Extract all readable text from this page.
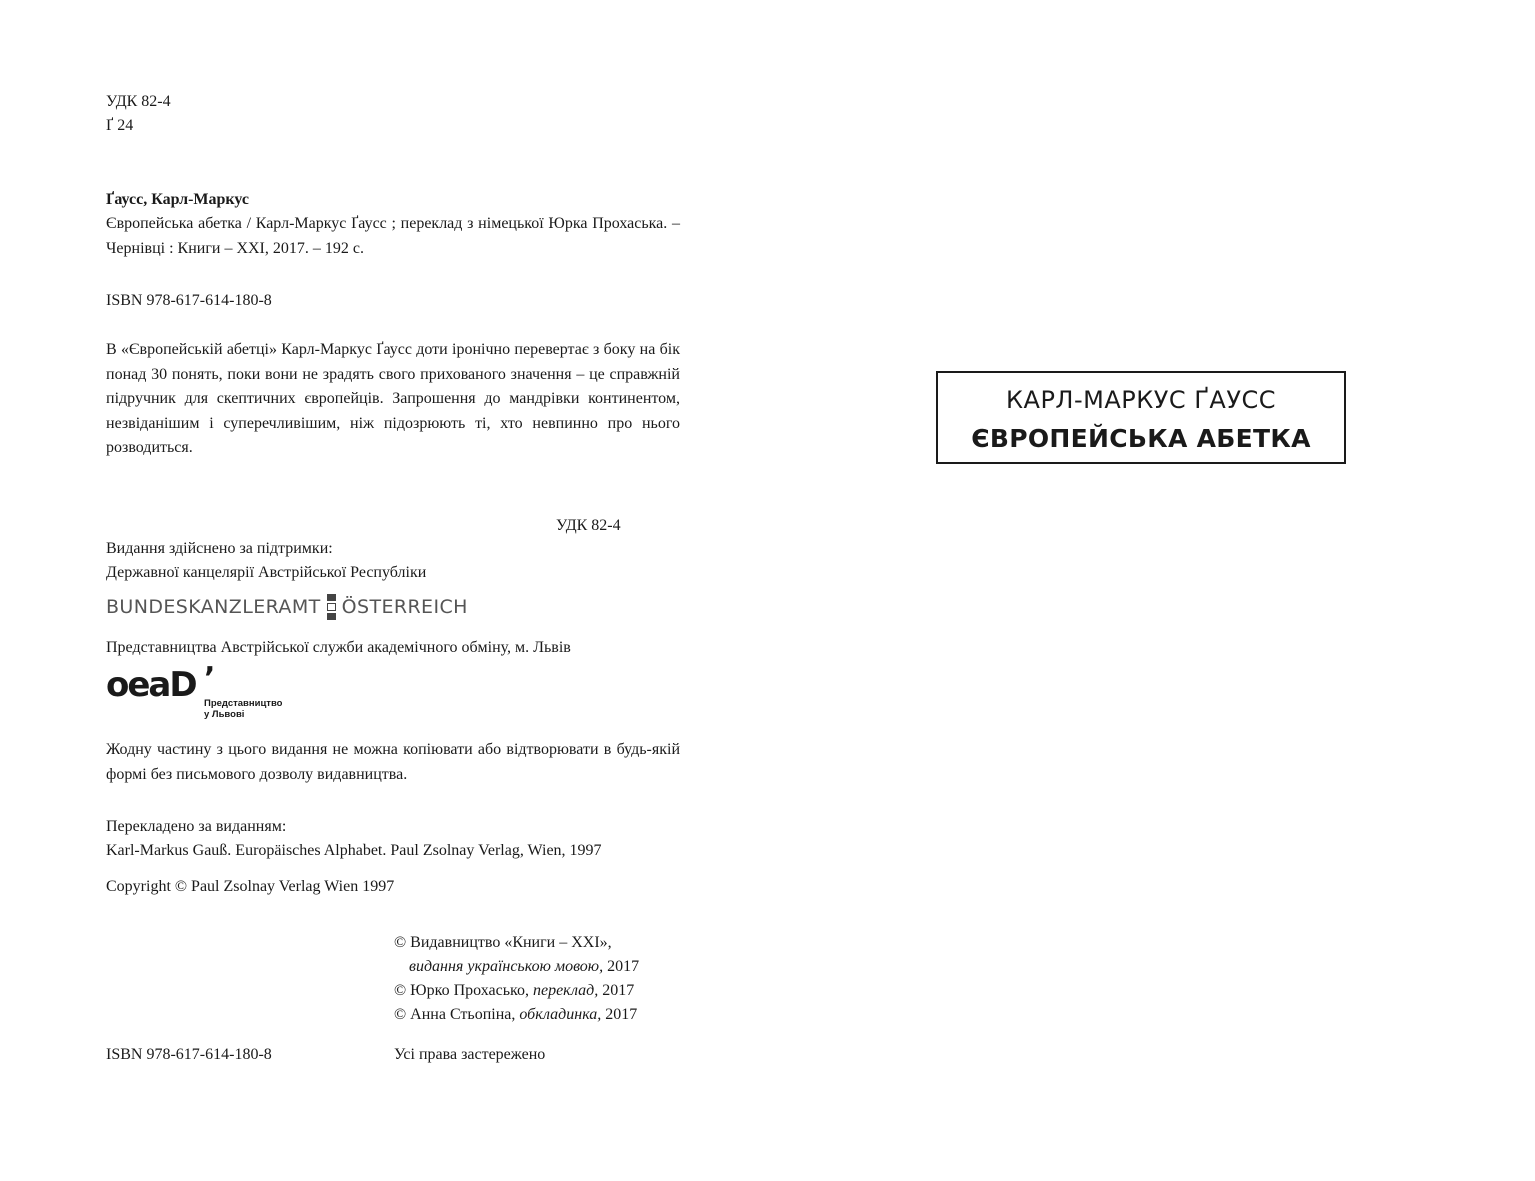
УДК 82-4
Ґ 24
Ґаусс, Карл-Маркус
Європейська абетка / Карл-Маркус Ґаусс ; переклад з німецької Юрка Прохаська. – Чернівці : Книги – XXI, 2017. – 192 с.
ISBN 978-617-614-180-8
В «Європейській абетці» Карл-Маркус Ґаусс доти іронічно перевертає з боку на бік понад 30 понять, поки вони не зрадять свого прихованого значення – це справжній підручник для скептичних європейців. Запрошення до мандрівки континентом, незвіданішим і суперечливішим, ніж підозрюють ті, хто невпинно про нього розводиться.
УДК 82-4
Видання здійснено за підтримки:
Державної канцелярії Австрійської Республіки
BUNDESKANZLERAMT ÖSTERREICH
Представництва Австрійської служби академічного обміну, м. Львів
oeaD ’
Представництво
у Львові
Жодну частину з цього видання не можна копіювати або відтворювати в будь-якій формі без письмового дозволу видавництва.
Перекладено за виданням:
Karl-Markus Gauß. Europäisches Alphabet. Paul Zsolnay Verlag, Wien, 1997
Copyright © Paul Zsolnay Verlag Wien 1997
© Видавництво «Книги – XXI»,
видання українською мовою, 2017
© Юрко Прохасько, переклад, 2017
© Анна Стьопіна, обкладинка, 2017
ISBN 978-617-614-180-8	Усі права застережено
КАРЛ-МАРКУС ҐАУСС
ЄВРОПЕЙСЬКА АБЕТКА
